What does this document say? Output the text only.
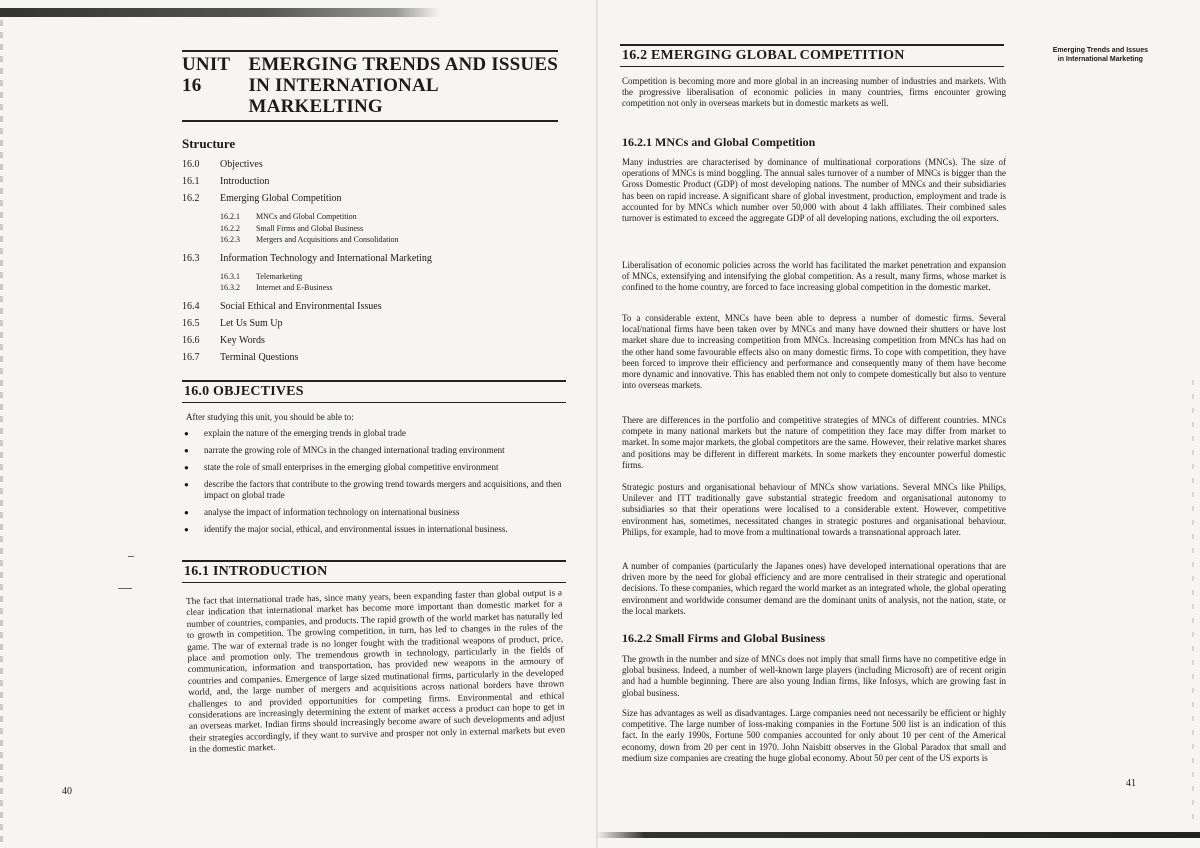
UNIT 16
EMERGING TRENDS AND ISSUES
IN INTERNATIONAL
MARKELTING
Structure
16.0	Objectives
16.1	Introduction
16.2	Emerging Global Competition
16.2.1	MNCs and Global Competition
16.2.2	Small Firms and Global Business
16.2.3	Mergers and Acquisitions and Consolidation
16.3	Information Technology and International Marketing
16.3.1	Telemarketing
16.3.2	Internet and E-Business
16.4	Social Ethical and Environmental Issues
16.5	Let Us Sum Up
16.6	Key Words
16.7	Terminal Questions
16.0 OBJECTIVES
After studying this unit, you should be able to:
● explain the nature of the emerging trends in global trade
● narrate the growing role of MNCs in the changed international trading environment
● state the role of small enterprises in the emerging global competitive environment
● describe the factors that contribute to the growing trend towards mergers and acquisitions, and then impact on global trade
● analyse the impact of information technology on international business
● identify the major social, ethical, and environmental issues in international business.
16.1 INTRODUCTION
The fact that international trade has, since many years, been expanding faster than global output is a clear indication that international market has become more important than domestic market for a number of countries, companies, and products. The rapid growth of the world market has naturally led to growth in competition. The growing competition, in turn, has led to changes in the rules of the game. The war of external trade is no longer fought with the traditional weapons of product, price, place and promotion only. The tremendous growth in technology, particularly in the fields of communication, information and transportation, has provided new weapons in the armoury of countries and companies. Emergence of large sized mutinational firms, particularly in the developed world, and, the large number of mergers and acquisitions across national borders have thrown challenges to and provided opportunities for competing firms. Environmental and ethical considerations are increasingly determining the extent of market access a product can hope to get in an overseas market. Indian firms should increasingly become aware of such developments and adjust their strategies accordingly, if they want to survive and prosper not only in external markets but even in the domestic market.
40
Emerging Trends and Issues
in International Marketing
16.2 EMERGING GLOBAL COMPETITION
Competition is becoming more and more global in an increasing number of industries and markets. With the progressive liberalisation of economic policies in many countries, firms encounter growing competition not only in overseas markets but in domestic markets as well.
16.2.1 MNCs and Global Competition
Many industries are characterised by dominance of multinational corporations (MNCs). The size of operations of MNCs is mind boggling. The annual sales turnover of a number of MNCs is bigger than the Gross Domestic Product (GDP) of most developing nations. The number of MNCs and their subsidiaries has been on rapid increase. A significant share of global investment, production, employment and trade is accounted for by MNCs which number over 50,000 with about 4 lakh affiliates. Their combined sales turnover is estimated to exceed the aggregate GDP of all developing nations, excluding the oil exporters.
Liberalisation of economic policies across the world has facilitated the market penetration and expansion of MNCs, extensifying and intensifying the global competition. As a result, many firms, whose market is confined to the home country, are forced to face increasing global competition in the domestic market.
To a considerable extent, MNCs have been able to depress a number of domestic firms. Several local/national firms have been taken over by MNCs and many have downed their shutters or have lost market share due to increasing competition from MNCs. Increasing competition from MNCs has had on the other hand some favourable effects also on many domestic firms. To cope with competition, they have been forced to improve their efficiency and performance and consequently many of them have become more dynamic and innovative. This has enabled them not only to compete domestically but also to venture into overseas markets.
There are differences in the portfolio and competitive strategies of MNCs of different countries. MNCs compete in many national markets but the nature of competition they face may differ from market to market. In some major markets, the global competitors are the same. However, their relative market shares and positions may be different in different markets. In some markets they encounter powerful domestic firms.
Strategic posturs and organisational behaviour of MNCs show variations. Several MNCs like Philips, Unilever and ITT traditionally gave substantial strategic freedom and organisational autonomy to subsidiaries so that their operations were localised to a considerable extent. However, competitive environment has, sometimes, necessitated changes in strategic postures and organisational behaviour. Philips, for example, had to move from a multinational towards a transnational approach later.
A number of companies (particularly the Japanes ones) have developed international operations that are driven more by the need for global efficiency and are more centralised in their strategic and operational decisions. To these companies, which regard the world market as an integrated whole, the global operating environment and worldwide consumer demand are the dominant units of analysis, not the nation, state, or the local markets.
16.2.2 Small Firms and Global Business
The growth in the number and size of MNCs does not imply that small firms have no competitive edge in global business. Indeed, a number of well-known large players (including Microsoft) are of recent origin and had a humble beginning. There are also young Indian firms, like Infosys, which are growing fast in global business.
Size has advantages as well as disadvantages. Large companies need not necessarily be efficient or highly competitive. The large number of loss-making companies in the Fortune 500 list is an indication of this fact. In the early 1990s, Fortune 500 companies accounted for only about 10 per cent of the Americal economy, down from 20 per cent in 1970. John Naisbitt observes in the Global Paradox that small and medium size companies are creating the huge global economy. About 50 per cent of the US exports is
41
